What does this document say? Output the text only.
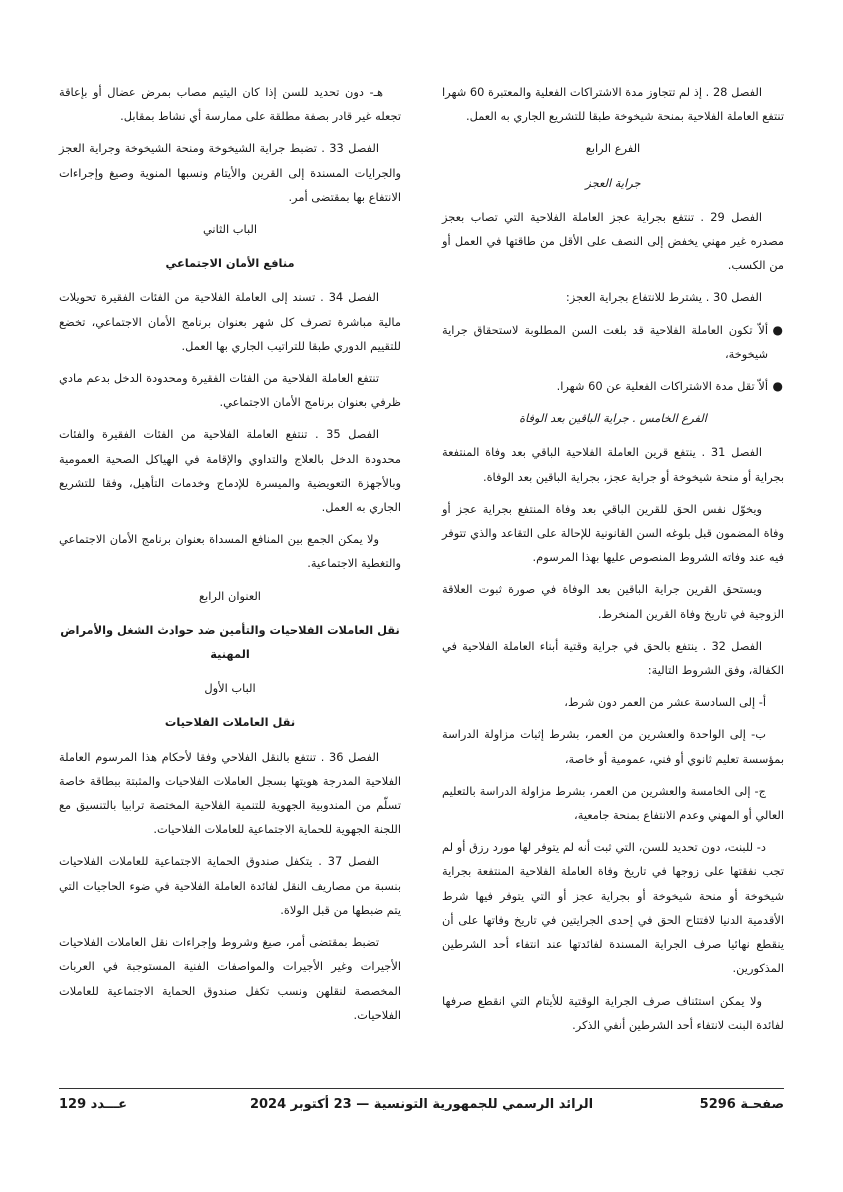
الفصل 28 . إذ لم تتجاوز مدة الاشتراكات الفعلية والمعتبرة 60 شهرا تنتفع العاملة الفلاحية بمنحة شيخوخة طبقا للتشريع الجاري به العمل.

الفرع الرابع
جراية العجز

الفصل 29 . تنتفع بجراية عجز العاملة الفلاحية التي تصاب بعجز مصدره غير مهني يخفض إلى النصف على الأقل من طاقتها في العمل أو من الكسب.

الفصل 30 . يشترط للانتفاع بجراية العجز:

●
ألاّ تكون العاملة الفلاحية قد بلغت السن المطلوبة لاستحقاق جراية شيخوخة،
●
ألاّ تقل مدة الاشتراكات الفعلية عن 60 شهرا.
الفرع الخامس . جراية الباقين بعد الوفاة

الفصل 31 . ينتفع قرين العاملة الفلاحية الباقي بعد وفاة المنتفعة بجراية أو منحة شيخوخة أو جراية عجز، بجراية الباقين بعد الوفاة.

ويخوّل نفس الحق للقرين الباقي بعد وفاة المنتفع بجراية عجز أو وفاة المضمون قبل بلوغه السن القانونية للإحالة على التقاعد والذي تتوفر فيه عند وفاته الشروط المنصوص عليها بهذا المرسوم.

ويستحق القرين جراية الباقين بعد الوفاة في صورة ثبوت العلاقة الزوجية في تاريخ وفاة القرين المنخرط.

الفصل 32 . ينتفع بالحق في جراية وقتية أبناء العاملة الفلاحية في الكفالة، وفق الشروط التالية:

أ- إلى السادسة عشر من العمر دون شرط،

ب- إلى الواحدة والعشرين من العمر، بشرط إثبات مزاولة الدراسة بمؤسسة تعليم ثانوي أو فني، عمومية أو خاصة،

ج- إلى الخامسة والعشرين من العمر، بشرط مزاولة الدراسة بالتعليم العالي أو المهني وعدم الانتفاع بمنحة جامعية،

د- للبنت، دون تحديد للسن، التي ثبت أنه لم يتوفر لها مورد رزق أو لم تجب نفقتها على زوجها في تاريخ وفاة العاملة الفلاحية المنتفعة بجراية شيخوخة أو منحة شيخوخة أو بجراية عجز أو التي يتوفر فيها شرط الأقدمية الدنيا لافتتاح الحق في إحدى الجرايتين في تاريخ وفاتها على أن ينقطع نهائيا صرف الجراية المسندة لفائدتها عند انتفاء أحد الشرطين المذكورين.

ولا يمكن استئناف صرف الجراية الوقتية للأيتام التي انقطع صرفها لفائدة البنت لانتفاء أحد الشرطين أنفي الذكر.

هـ- دون تحديد للسن إذا كان اليتيم مصاب بمرض عضال أو بإعاقة تجعله غير قادر بصفة مطلقة على ممارسة أي نشاط بمقابل.

الفصل 33 . تضبط جراية الشيخوخة ومنحة الشيخوخة وجراية العجز والجرايات المسندة إلى القرين والأيتام ونسبها المنوية وصيغ وإجراءات الانتفاع بها بمقتضى أمر.

الباب الثاني
منافع الأمان الاجتماعي

الفصل 34 . تسند إلى العاملة الفلاحية من الفئات الفقيرة تحويلات مالية مباشرة تصرف كل شهر بعنوان برنامج الأمان الاجتماعي، تخضع للتقييم الدوري طبقا للتراتيب الجاري بها العمل.

تنتفع العاملة الفلاحية من الفئات الفقيرة ومحدودة الدخل بدعم مادي ظرفي بعنوان برنامج الأمان الاجتماعي.

الفصل 35 . تنتفع العاملة الفلاحية من الفئات الفقيرة والفئات محدودة الدخل بالعلاج والتداوي والإقامة في الهياكل الصحية العمومية وبالأجهزة التعويضية والميسرة للإدماج وخدمات التأهيل، وفقا للتشريع الجاري به العمل.

ولا يمكن الجمع بين المنافع المسداة بعنوان برنامج الأمان الاجتماعي والتغطية الاجتماعية.

العنوان الرابع
نقل العاملات الفلاحيات والتأمين ضد حوادث الشغل والأمراض المهنية
الباب الأول
نقل العاملات الفلاحيات

الفصل 36 . تنتفع بالنقل الفلاحي وفقا لأحكام هذا المرسوم العاملة الفلاحية المدرجة هويتها بسجل العاملات الفلاحيات والمثبتة ببطاقة خاصة تسلّم من المندوبية الجهوية للتنمية الفلاحية المختصة ترابيا بالتنسيق مع اللجنة الجهوية للحماية الاجتماعية للعاملات الفلاحيات.

الفصل 37 . يتكفل صندوق الحماية الاجتماعية للعاملات الفلاحيات بنسبة من مصاريف النقل لفائدة العاملة الفلاحية في ضوء الحاجيات التي يتم ضبطها من قبل الولاة.

تضبط بمقتضى أمر، صيغ وشروط وإجراءات نقل العاملات الفلاحيات الأجيرات وغير الأجيرات والمواصفات الفنية المستوجبة في العربات المخصصة لنقلهن ونسب تكفل صندوق الحماية الاجتماعية للعاملات الفلاحيات.

صفحـة 5296
الرائد الرسمي للجمهورية التونسية — 23 أكتوبر 2024
عـــدد 129
